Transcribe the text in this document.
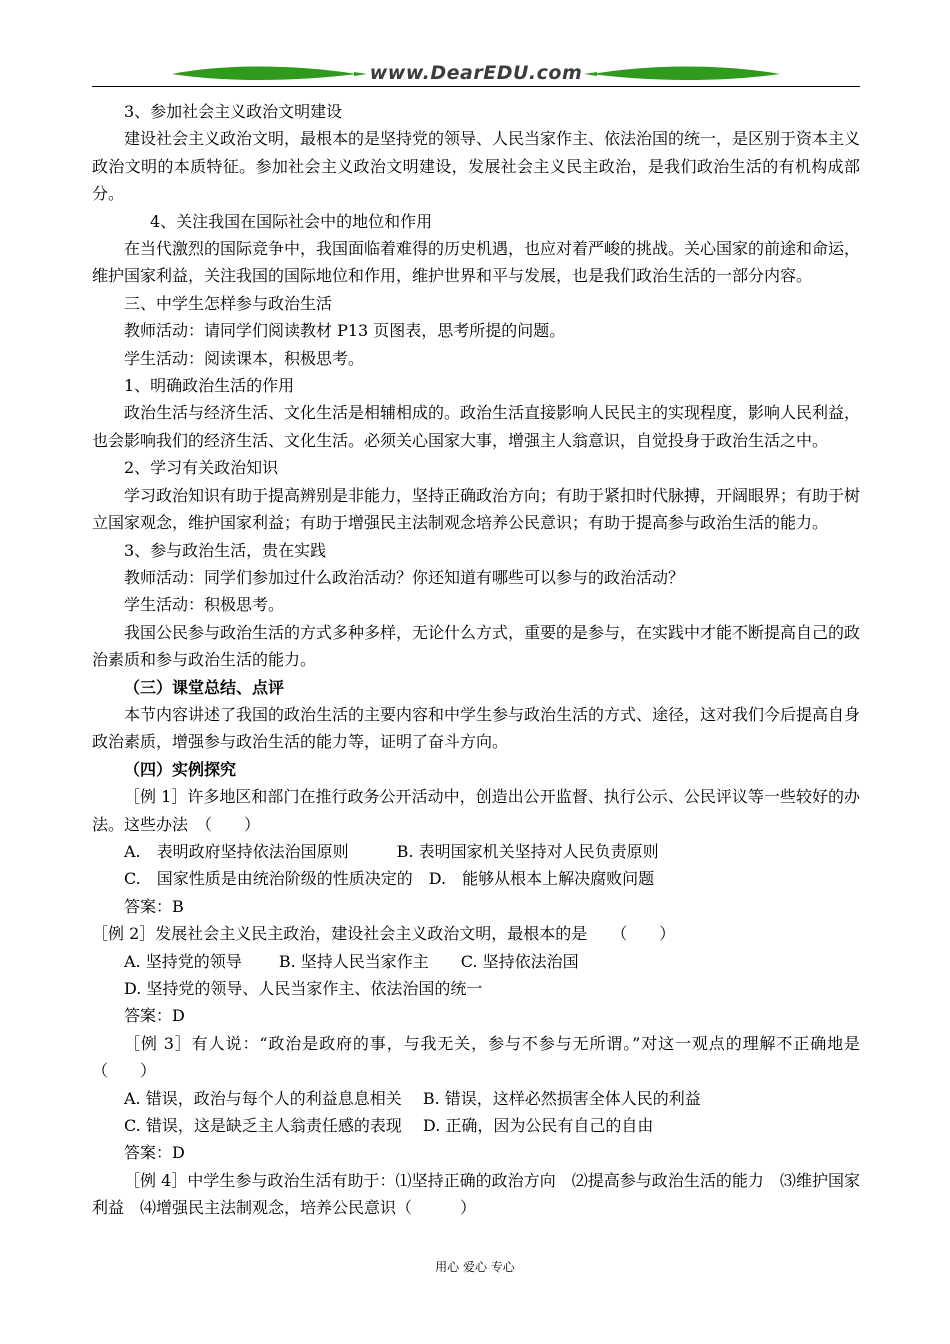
www.DearEDU.com

3、参加社会主义政治文明建设

建设社会主义政治文明，最根本的是坚持党的领导、人民当家作主、依法治国的统一，是区别于资本主义政治文明的本质特征。参加社会主义政治文明建设，发展社会主义民主政治，是我们政治生活的有机构成部分。

4、关注我国在国际社会中的地位和作用

在当代激烈的国际竞争中，我国面临着难得的历史机遇，也应对着严峻的挑战。关心国家的前途和命运，维护国家利益，关注我国的国际地位和作用，维护世界和平与发展，也是我们政治生活的一部分内容。

三、中学生怎样参与政治生活

教师活动：请同学们阅读教材 P13 页图表，思考所提的问题。

学生活动：阅读课本，积极思考。

1、明确政治生活的作用

政治生活与经济生活、文化生活是相辅相成的。政治生活直接影响人民民主的实现程度，影响人民利益，也会影响我们的经济生活、文化生活。必须关心国家大事，增强主人翁意识，自觉投身于政治生活之中。

2、学习有关政治知识

学习政治知识有助于提高辨别是非能力，坚持正确政治方向；有助于紧扣时代脉搏，开阔眼界；有助于树立国家观念，维护国家利益；有助于增强民主法制观念培养公民意识；有助于提高参与政治生活的能力。

3、参与政治生活，贵在实践

教师活动：同学们参加过什么政治活动？你还知道有哪些可以参与的政治活动？

学生活动：积极思考。

我国公民参与政治生活的方式多种多样，无论什么方式，重要的是参与，在实践中才能不断提高自己的政治素质和参与政治生活的能力。

（三）课堂总结、点评

本节内容讲述了我国的政治生活的主要内容和中学生参与政治生活的方式、途径，这对我们今后提高自身政治素质，增强参与政治生活的能力等，证明了奋斗方向。

（四）实例探究

［例 1］许多地区和部门在推行政务公开活动中，创造出公开监督、执行公示、公民评议等一些较好的办法。这些办法　（　　）

A.　表明政府坚持依法治国原则　　　B. 表明国家机关坚持对人民负责原则

C.　国家性质是由统治阶级的性质决定的　D.　能够从根本上解决腐败问题

答案：B

［例 2］发展社会主义民主政治，建设社会主义政治文明，最根本的是　　（　　）

A. 坚持党的领导　　 B. 坚持人民当家作主　　C. 坚持依法治国

D. 坚持党的领导、人民当家作主、依法治国的统一

答案：D

［例 3］有人说：“政治是政府的事，与我无关，参与不参与无所谓。”对这一观点的理解不正确地是（　　）

A. 错误，政治与每个人的利益息息相关　 B. 错误，这样必然损害全体人民的利益

C. 错误，这是缺乏主人翁责任感的表现　 D. 正确，因为公民有自己的自由

答案：D

［例 4］中学生参与政治生活有助于：⑴坚持正确的政治方向　⑵提高参与政治生活的能力　⑶维护国家利益　⑷增强民主法制观念，培养公民意识（　　　）

用心 爱心 专心
